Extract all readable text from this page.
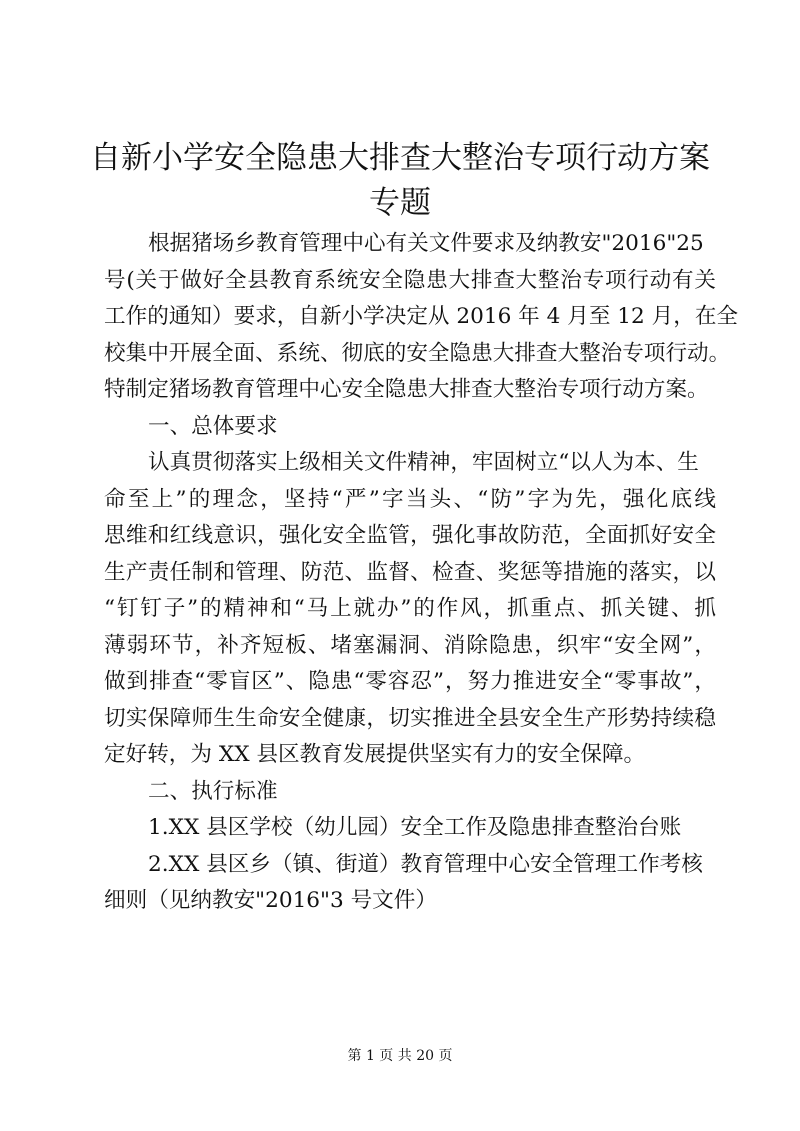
自新小学安全隐患大排查大整治专项行动方案
专题
根据猪场乡教育管理中心有关文件要求及纳教安"2016"25
号(关于做好全县教育系统安全隐患大排查大整治专项行动有关
工作的通知）要求，自新小学决定从 2016 年 4 月至 12 月，在全
校集中开展全面、系统、彻底的安全隐患大排查大整治专项行动。
特制定猪场教育管理中心安全隐患大排查大整治专项行动方案。
一、总体要求
认真贯彻落实上级相关文件精神，牢固树立“以人为本、生
命至上”的理念，坚持“严”字当头、“防”字为先，强化底线
思维和红线意识，强化安全监管，强化事故防范，全面抓好安全
生产责任制和管理、防范、监督、检查、奖惩等措施的落实，以
“钉钉子”的精神和“马上就办”的作风，抓重点、抓关键、抓
薄弱环节，补齐短板、堵塞漏洞、消除隐患，织牢“安全网”，
做到排查“零盲区”、隐患“零容忍”，努力推进安全“零事故”，
切实保障师生生命安全健康，切实推进全县安全生产形势持续稳
定好转，为 XX 县区教育发展提供坚实有力的安全保障。
二、执行标准
1.XX 县区学校（幼儿园）安全工作及隐患排查整治台账
2.XX 县区乡（镇、街道）教育管理中心安全管理工作考核
细则（见纳教安"2016"3 号文件）
第 1 页 共 20 页
